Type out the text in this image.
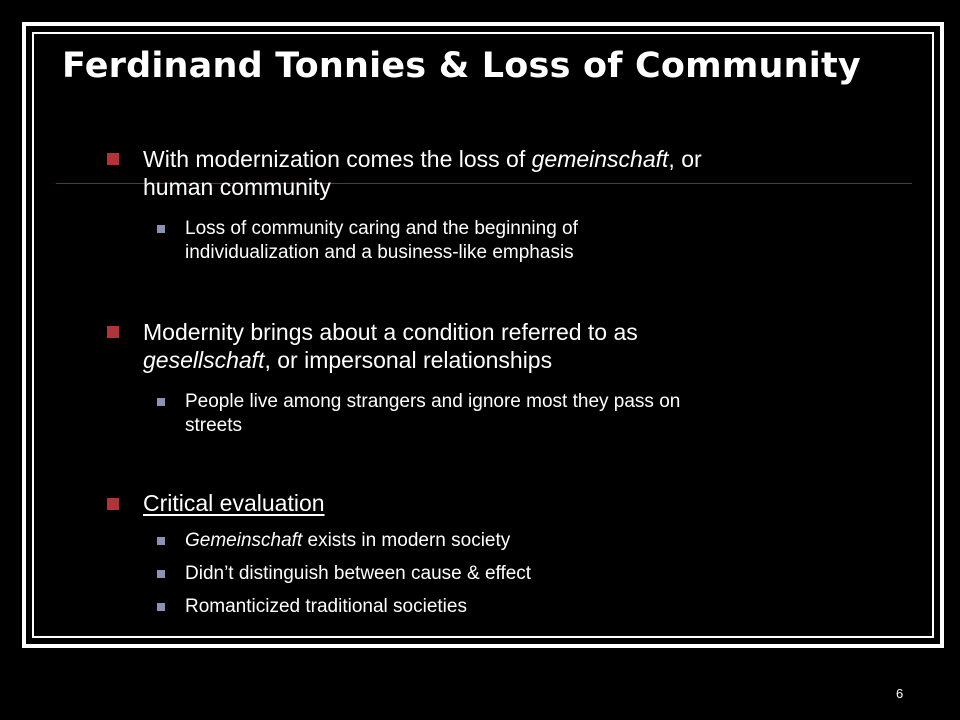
Ferdinand Tonnies & Loss of Community
With modernization comes the loss of gemeinschaft, or
human community
Loss of community caring and the beginning of
individualization and a business-like emphasis
Modernity brings about a condition referred to as
gesellschaft, or impersonal relationships
People live among strangers and ignore most they pass on
streets
Critical evaluation
Gemeinschaft exists in modern society
Didn’t distinguish between cause & effect
Romanticized traditional societies
6
